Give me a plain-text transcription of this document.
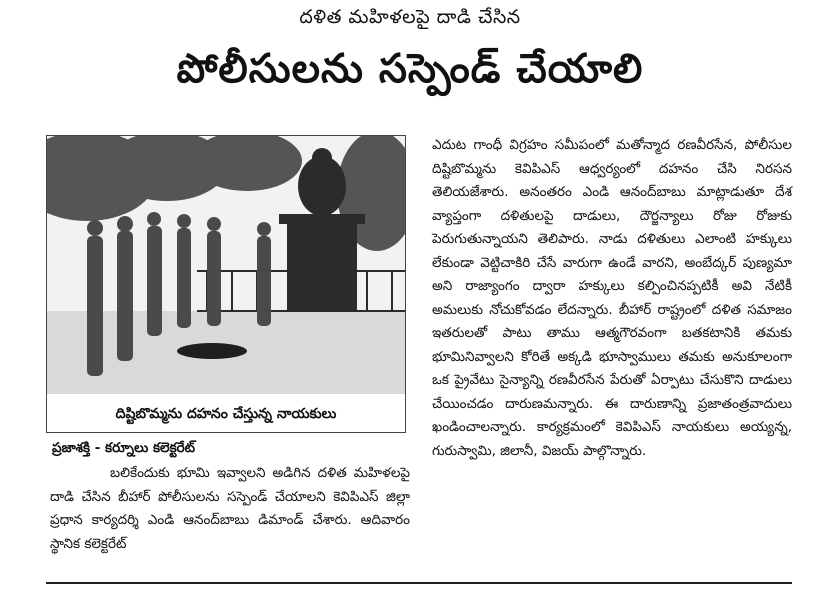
దళిత మహిళలపై దాడి చేసిన
పోలీసులను సస్పెండ్ చేయాలి
దిష్టిబొమ్మను దహనం చేస్తున్న నాయకులు
ప్రజాశక్తి - కర్నూలు కలెక్టరేట్
బలికేందుకు భూమి ఇవ్వాలని అడిగిన దళిత మహిళలపై దాడి చేసిన బీహార్ పోలీసులను సస్పెండ్ చేయాలని కెవిపిఎస్ జిల్లా ప్రధాన కార్యదర్శి ఎండి ఆనంద్‌బాబు డిమాండ్ చేశారు. ఆదివారం స్థానిక కలెక్టరేట్
ఎదుట గాంధీ విగ్రహం సమీపంలో మతోన్మాద రణవీరసేన, పోలీసుల దిష్టిబొమ్మను కెవిపిఎస్ ఆధ్వర్యంలో దహనం చేసి నిరసన తెలియజేశారు. అనంతరం ఎండి ఆనంద్‌బాబు మాట్లాడుతూ దేశ వ్యాప్తంగా దళితులపై దాడులు, దౌర్జన్యాలు రోజు రోజుకు పెరుగుతున్నాయని తెలిపారు. నాడు దళితులు ఎలాంటి హక్కులు లేకుండా వెట్టిచాకిరి చేసే వారుగా ఉండే వారని, అంబేద్కర్ పుణ్యమా అని రాజ్యాంగం ద్వారా హక్కులు కల్పించినప్పటికీ అవి నేటికీ అమలుకు నోచుకోవడం లేదన్నారు. బీహార్ రాష్ట్రంలో దళిత సమాజం ఇతరులతో పాటు తాము ఆత్మగౌరవంగా బతకటానికి తమకు భూమినివ్వాలని కోరితే అక్కడి భూస్వాములు తమకు అనుకూలంగా ఒక ప్రైవేటు సైన్యాన్ని రణవీరసేన పేరుతో ఏర్పాటు చేసుకొని దాడులు చేయించడం దారుణమన్నారు. ఈ దారుణాన్ని ప్రజాతంత్రవాదులు ఖండించాలన్నారు. కార్యక్రమంలో కెవిపిఎస్ నాయకులు అయ్యన్న, గురుస్వామి, జిలానీ, విజయ్ పాల్గొన్నారు.
